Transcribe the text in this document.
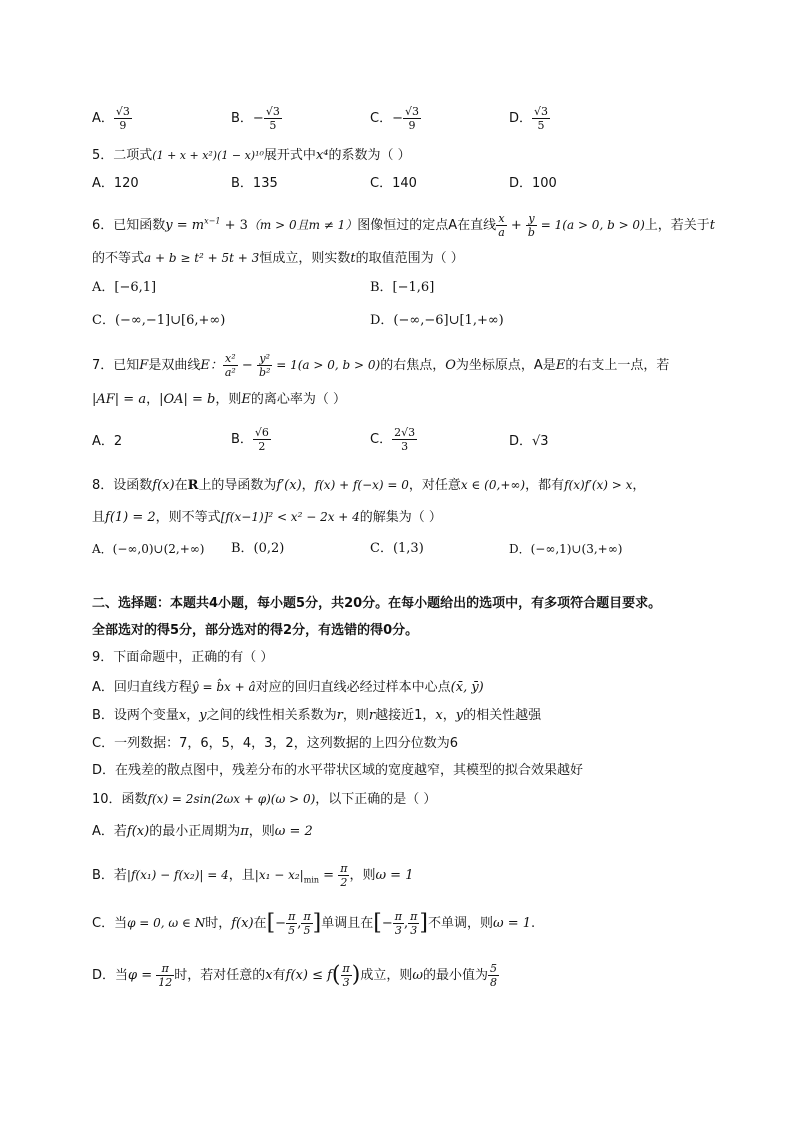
A． $\frac{√3}{9}$	B．− $\frac{√3}{5}$	C．− $\frac{√3}{9}$	D． $\frac{√3}{5}$
5．二项式(1 + x + x²)(1 − x)¹⁰展开式中x⁴的系数为（ ）
A．120	B．135	C．140	D．100
6．已知函数$y = m^{x-1} + 3(m > 0$且m ≠ 1）图像恒过的定点A在直线 $\frac{x}{a} + \frac{y}{b} = 1(a > 0$, b > 0)上，若关于t
的不等式a + b ≥ t² + 5t + 3恒成立，则实数t的取值范围为（ ）
A．[−6,1]	B．[−1,6]
C．(−∞,−1]∪[6,+∞)	D．(−∞,−6]∪[1,+∞)
7．已知F是双曲线E： $\frac{\text{x²}}{\text{a²}} - \frac{\text{y²}}{\text{b²}} = 1(a > 0$, b > 0)的右焦点，O为坐标原点，A是E的右支上一点，若
|AF| = a，|OA| = b，则E的离心率为（ ）
A．2	B． $\frac{√6}{2}$	C． $\frac{2√3}{3}$	D．√3
8．设函数f(x)在R上的导函数为f′(x)，f(x) + f(−x) = 0，对任意x ∈ (0,+∞)，都有f(x)f′(x) > x，
且f(1) = 2，则不等式[f(x−1)]² < x² − 2x + 4的解集为（ ）
A．(−∞,0)∪(2,+∞) B．(0,2)	C．(1,3)	D．(−∞,1)∪(3,+∞)
二、选择题：本题共4小题，每小题5分，共20分。在每小题给出的选项中，有多项符合题目要求。
全部选对的得5分，部分选对的得2分，有选错的得0分。
9．下面命题中，正确的有（ ）
A．回归直线方程ŷ = b̂x + â对应的回归直线必经过样本中心点(x̄, ȳ)
B．设两个变量x，y之间的线性相关系数为r，则r越接近1，x，y的相关性越强
C．一列数据：7，6，5，4，3，2，这列数据的上四分位数为6
D．在残差的散点图中，残差分布的水平带状区域的宽度越窄，其模型的拟合效果越好
10．函数f(x) = 2sin(2ωx + φ)(ω > 0)，以下正确的是（ ）
A．若f(x)的最小正周期为π，则ω = 2
B．若|f(x₁) − f(x₂)| = 4，且$|x_1 - x_2|_{min} = \frac{\pi}{2}$ ，则ω = 1
C．当φ = 0, ω ∈ N时，f(x)在[− $\frac{\pi}{5}$ , $\frac{\pi}{5}$ ]单调且在[− $\frac{\pi}{3}$ , $\frac{\pi}{3}$ ]不单调，则ω = 1.
D．当$\varphi = \frac{\pi}{12}$ 时，若对任意的x有$f(x) \le f( \frac{\pi}{3}$ )成立，则ω的最小值为 $\frac{5}{8}$
